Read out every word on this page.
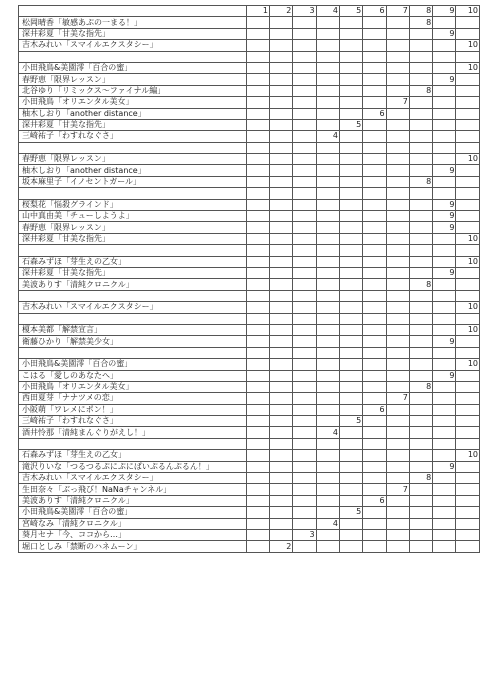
	1	2	3	4	5	6	7	8	9	10
松岡晴香「敏感あぷの一まる！」								8		
深井彩夏「甘美な指先」									9	
吉木みれい「スマイルエクスタシー」										10

小田飛鳥&美園澪「百合の蜜」										10
春野恵「限界レッスン」									9	
北谷ゆり「リミックス～ファイナル編」								8		
小田飛鳥「オリエンタル美女」							7			
柚木しおり「another distance」						6				
深井彩夏「甘美な指先」					5					
三崎祐子「わすれなぐさ」				4						

春野恵「限界レッスン」										10
柚木しおり「another distance」									9	
坂本麻里子「イノセントガール」								8		

桜梨花「悩殺グラインド」									9	
山中真由美「チューしようよ」									9	
春野恵「限界レッスン」									9	
深井彩夏「甘美な指先」										10

石森みずほ「芽生えの乙女」										10
深井彩夏「甘美な指先」									9	
美波ありす「清純クロニクル」								8		

吉木みれい「スマイルエクスタシー」										10

榎本美都「解禁宣言」										10
衛藤ひかり「解禁美少女」									9	

小田飛鳥&美園澪「百合の蜜」										10
こはる「愛しのあなたへ」									9	
小田飛鳥「オリエンタル美女」								8		
西田夏芽「ナナツメの恋」							7			
小阪萌「ワレメにポン！」						6				
三崎祐子「わすれなぐさ」					5					
酒井怜那「清純まんぐりがえし！」				4						

石森みずほ「芽生えの乙女」										10
滝沢りいな「つるつるぷにぷにぱいぷるんぷるん！」									9	
吉木みれい「スマイルエクスタシー」								8		
生田奈々「ぶっ飛び！NaNaチャンネル」							7			
美波ありす「清純クロニクル」						6				
小田飛鳥&美園澪「百合の蜜」					5					
宮崎なみ「清純クロニクル」				4						
葵月セナ「今、ココから…」			3							
堀口としみ「禁断のハネムーン」		2								
